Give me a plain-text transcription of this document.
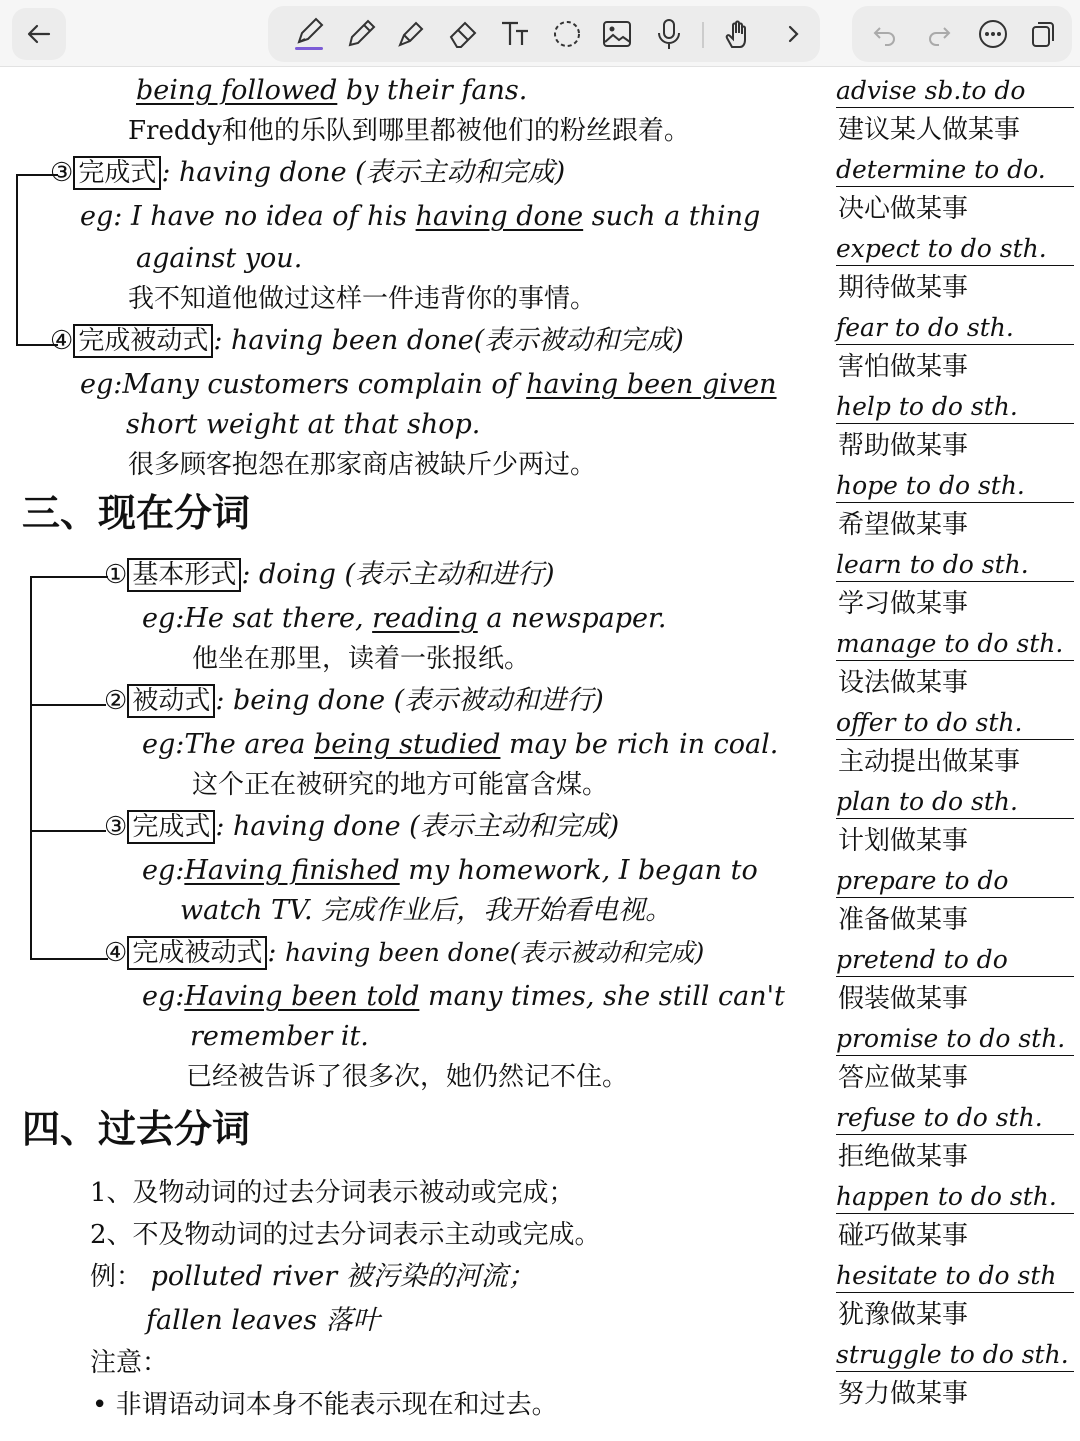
being followed by their fans.
Freddy和他的乐队到哪里都被他们的粉丝跟着。
③ 完成式 : having done (表示主动和完成)
eg: I have no idea of his having done such a thing
against you.
我不知道他做过这样一件违背你的事情。
④ 完成被动式 : having been done(表示被动和完成)
eg:Many customers complain of having been given
short weight at that shop.
很多顾客抱怨在那家商店被缺斤少两过。
三、现在分词
① 基本形式 : doing (表示主动和进行)
eg:He sat there, reading a newspaper.
他坐在那里，读着一张报纸。
② 被动式 : being done (表示被动和进行)
eg:The area being studied may be rich in coal.
这个正在被研究的地方可能富含煤。
③ 完成式 : having done (表示主动和完成)
eg:Having finished my homework, I began to
watch TV. 完成作业后，我开始看电视。
④ 完成被动式 : having been done(表示被动和完成)
eg:Having been told many times, she still can't
remember it.
已经被告诉了很多次，她仍然记不住。
四、过去分词
1、及物动词的过去分词表示被动或完成；
2、不及物动词的过去分词表示主动或完成。
例： polluted river 被污染的河流；
fallen leaves 落叶
注意：
• 非谓语动词本身不能表示现在和过去。
advise sb.to do
建议某人做某事
determine to do.
决心做某事
expect to do sth.
期待做某事
fear to do sth.
害怕做某事
help to do sth.
帮助做某事
hope to do sth.
希望做某事
learn to do sth.
学习做某事
manage to do sth.
设法做某事
offer to do sth.
主动提出做某事
plan to do sth.
计划做某事
prepare to do
准备做某事
pretend to do
假装做某事
promise to do sth.
答应做某事
refuse to do sth.
拒绝做某事
happen to do sth.
碰巧做某事
hesitate to do sth
犹豫做某事
struggle to do sth.
努力做某事
